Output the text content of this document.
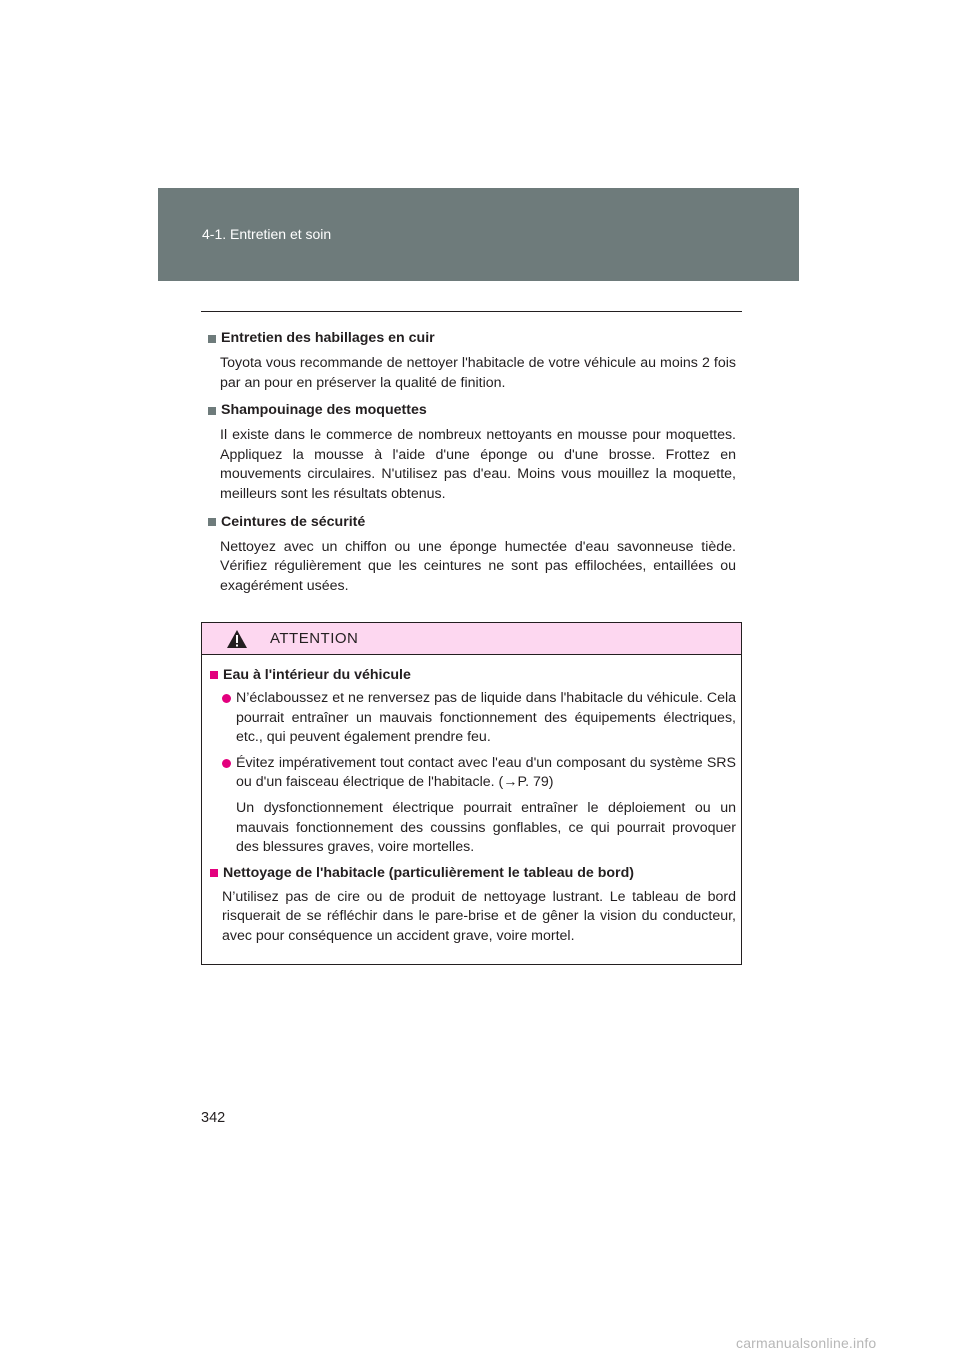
4-1. Entretien et soin

Entretien des habillages en cuir

Toyota vous recommande de nettoyer l'habitacle de votre véhicule au moins 2 fois par an pour en préserver la qualité de finition.

Shampouinage des moquettes

Il existe dans le commerce de nombreux nettoyants en mousse pour moquettes. Appliquez la mousse à l'aide d'une éponge ou d'une brosse. Frottez en mouvements circulaires. N'utilisez pas d'eau. Moins vous mouillez la moquette, meilleurs sont les résultats obtenus.

Ceintures de sécurité

Nettoyez avec un chiffon ou une éponge humectée d'eau savonneuse tiède. Vérifiez régulièrement que les ceintures ne sont pas effilochées, entaillées ou exagérément usées.

ATTENTION

Eau à l'intérieur du véhicule

N’éclaboussez et ne renversez pas de liquide dans l'habitacle du véhicule. Cela pourrait entraîner un mauvais fonctionnement des équipements électriques, etc., qui peuvent également prendre feu.
Évitez impérativement tout contact avec l'eau d'un composant du système SRS ou d'un faisceau électrique de l'habitacle. (→P. 79)

Un dysfonctionnement électrique pourrait entraîner le déploiement ou un mauvais fonctionnement des coussins gonflables, ce qui pourrait provoquer des blessures graves, voire mortelles.

Nettoyage de l'habitacle (particulièrement le tableau de bord)

N’utilisez pas de cire ou de produit de nettoyage lustrant. Le tableau de bord risquerait de se réfléchir dans le pare-brise et de gêner la vision du conducteur, avec pour conséquence un accident grave, voire mortel.

342
carmanualsonline.info
